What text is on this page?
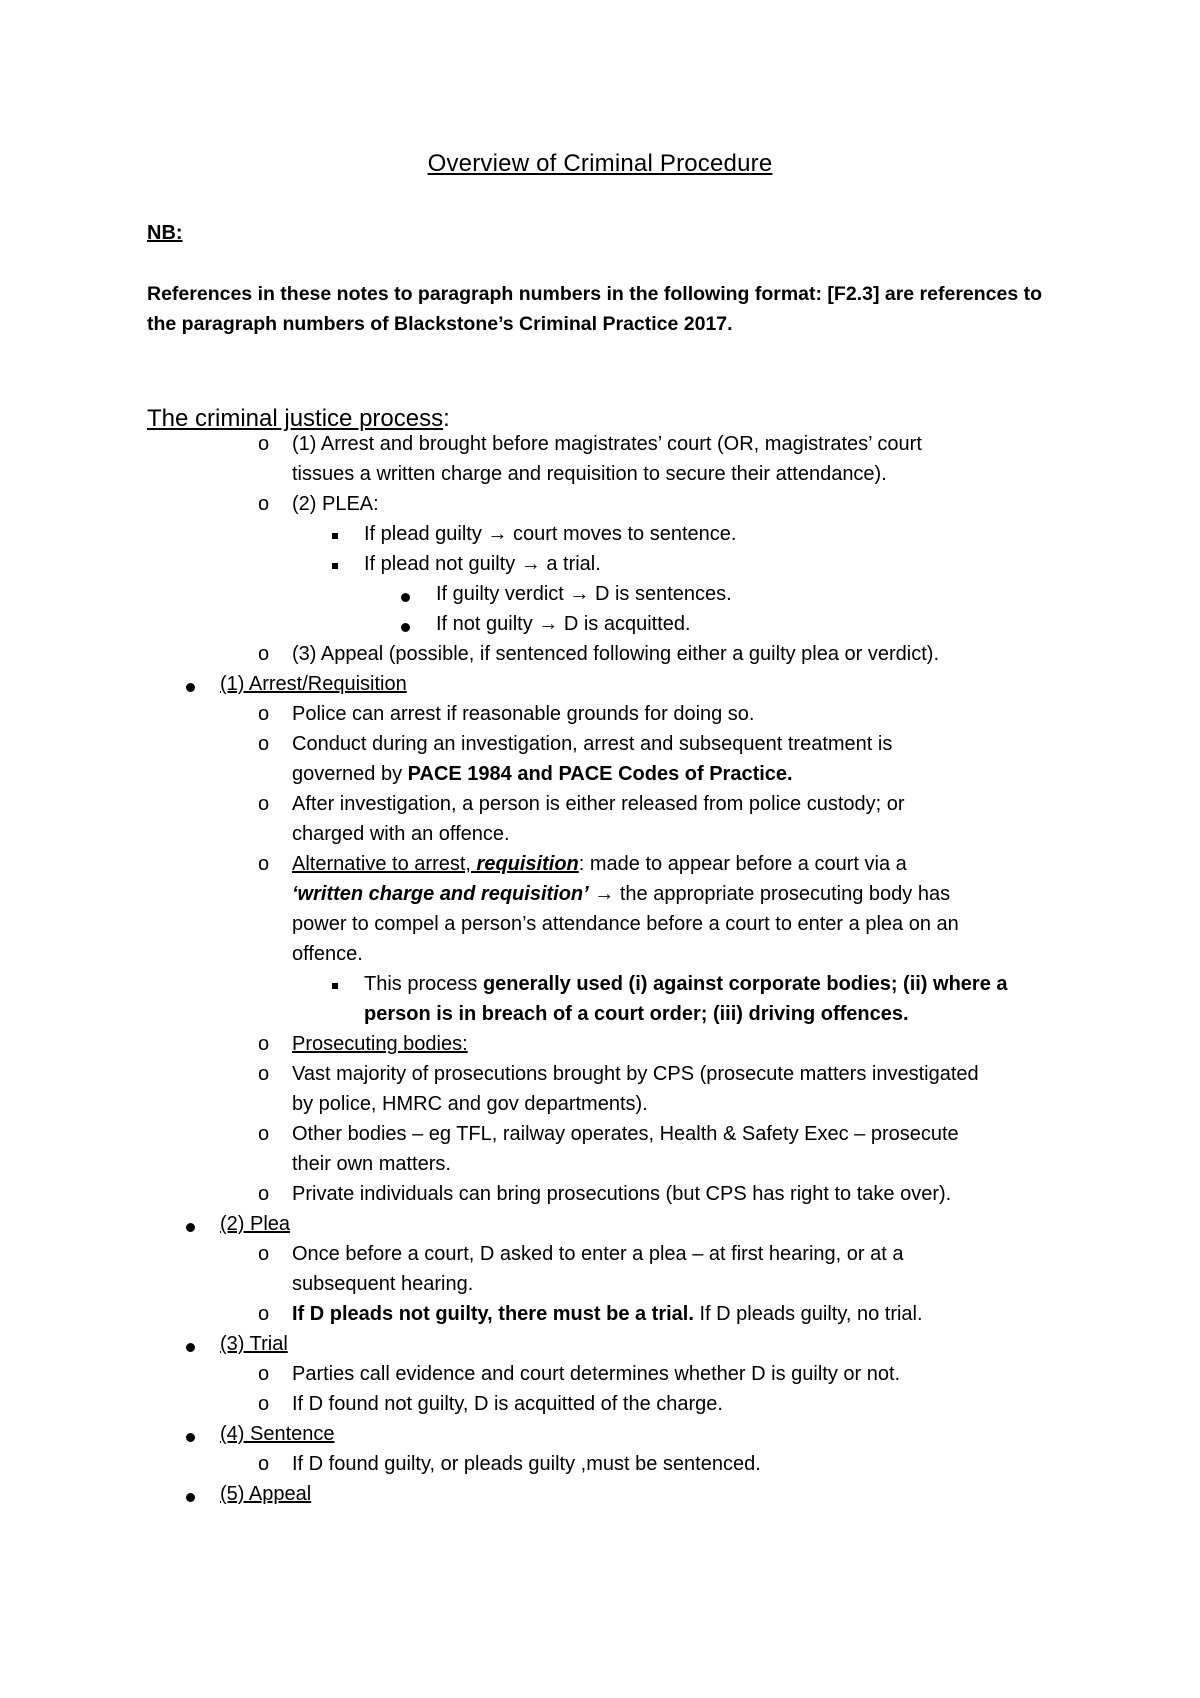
Overview of Criminal Procedure
NB:
References in these notes to paragraph numbers in the following format: [F2.3] are references to the paragraph numbers of Blackstone’s Criminal Practice 2017.
The criminal justice process:
o (1) Arrest and brought before magistrates’ court (OR, magistrates’ court
tissues a written charge and requisition to secure their attendance).
o (2) PLEA:
If plead guilty → court moves to sentence.
If plead not guilty → a trial.
If guilty verdict → D is sentences.
If not guilty → D is acquitted.
o (3) Appeal (possible, if sentenced following either a guilty plea or verdict).
(1) Arrest/Requisition
o Police can arrest if reasonable grounds for doing so.
o Conduct during an investigation, arrest and subsequent treatment is
governed by PACE 1984 and PACE Codes of Practice.
o After investigation, a person is either released from police custody; or
charged with an offence.
o Alternative to arrest, requisition: made to appear before a court via a
‘written charge and requisition’ → the appropriate prosecuting body has
power to compel a person’s attendance before a court to enter a plea on an
offence.
This process generally used (i) against corporate bodies; (ii) where a
person is in breach of a court order; (iii) driving offences.
o Prosecuting bodies:
o Vast majority of prosecutions brought by CPS (prosecute matters investigated
by police, HMRC and gov departments).
o Other bodies – eg TFL, railway operates, Health & Safety Exec – prosecute
their own matters.
o Private individuals can bring prosecutions (but CPS has right to take over).
(2) Plea
o Once before a court, D asked to enter a plea – at first hearing, or at a
subsequent hearing.
o If D pleads not guilty, there must be a trial. If D pleads guilty, no trial.
(3) Trial
o Parties call evidence and court determines whether D is guilty or not.
o If D found not guilty, D is acquitted of the charge.
(4) Sentence
o If D found guilty, or pleads guilty ,must be sentenced.
(5) Appeal
